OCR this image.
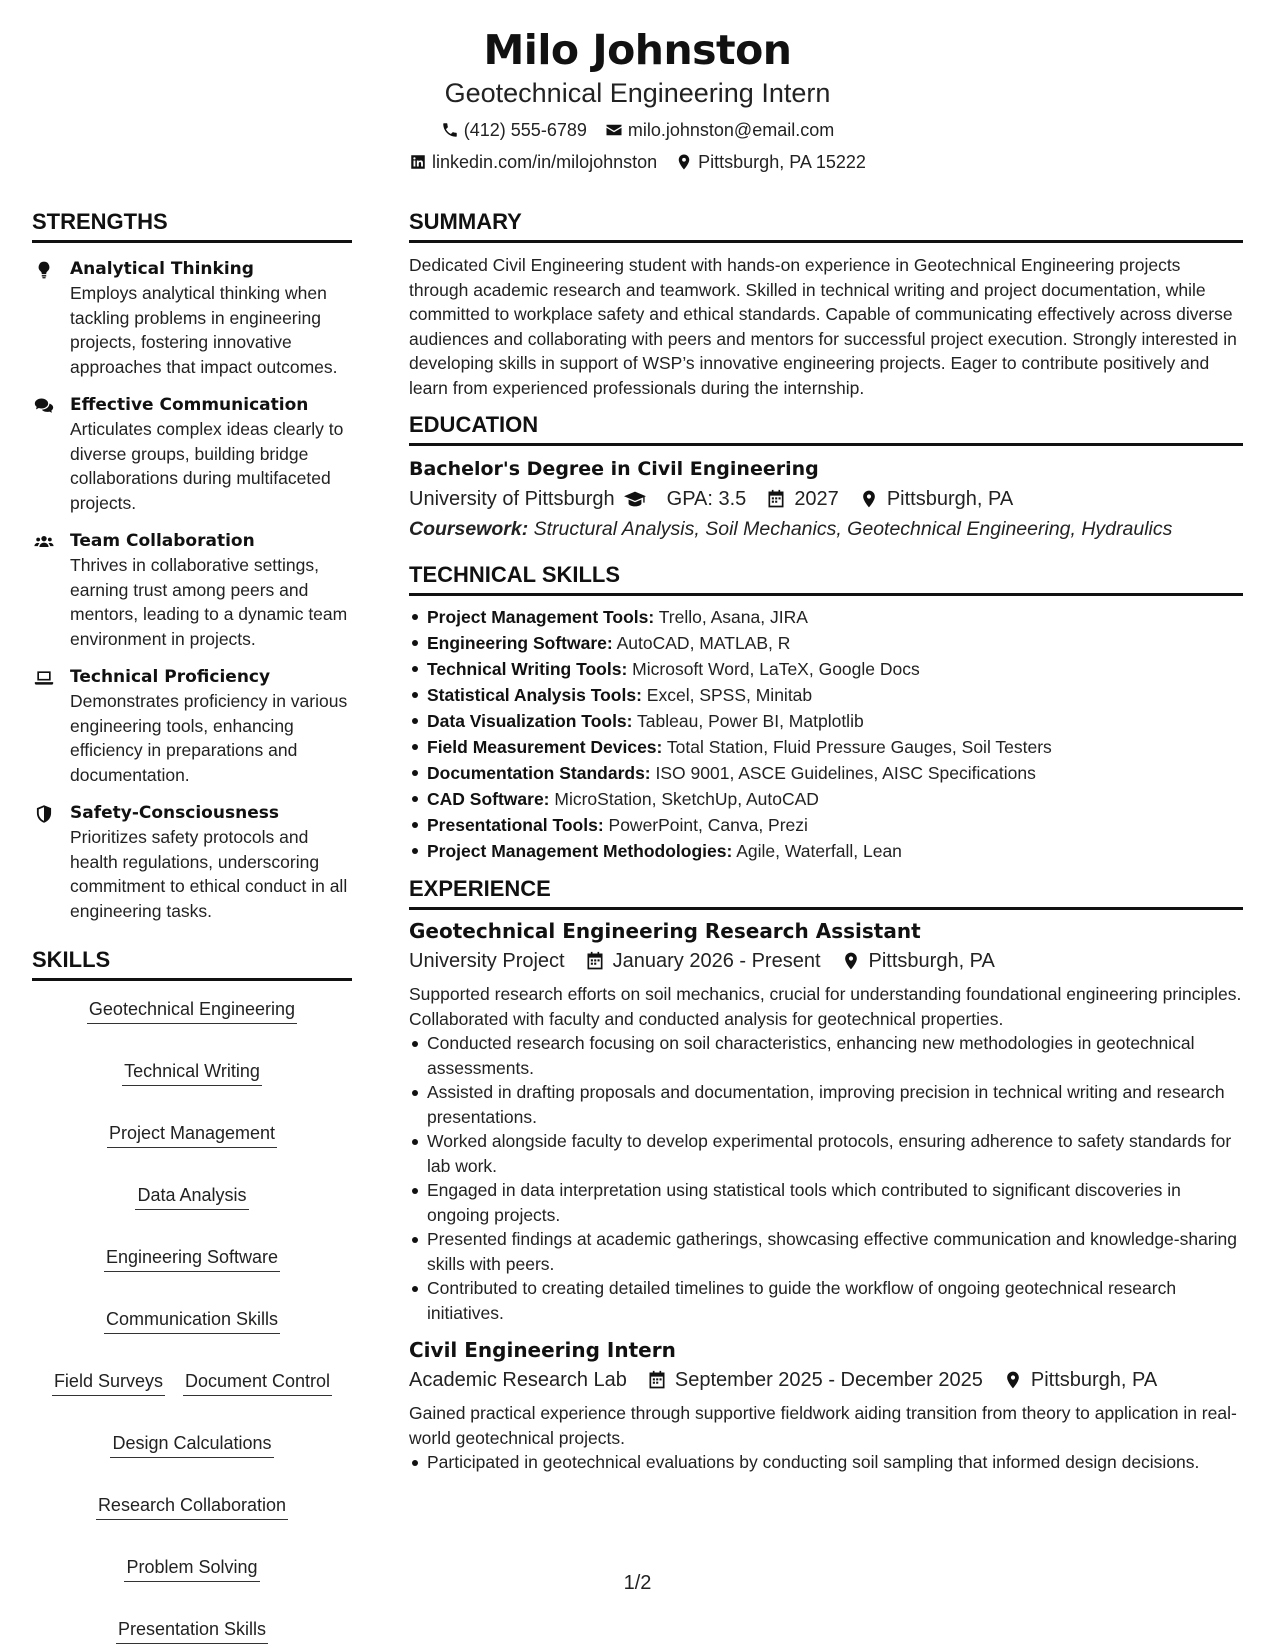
Milo Johnston
Geotechnical Engineering Intern
(412) 555-6789 milo.johnston@email.com
linkedin.com/in/milojohnston Pittsburgh, PA 15222
STRENGTHS
Analytical Thinking
Employs analytical thinking when tackling problems in engineering projects, fostering innovative approaches that impact outcomes.
Effective Communication
Articulates complex ideas clearly to diverse groups, building bridge collaborations during multifaceted projects.
Team Collaboration
Thrives in collaborative settings, earning trust among peers and mentors, leading to a dynamic team environment in projects.
Technical Proficiency
Demonstrates proficiency in various engineering tools, enhancing efficiency in preparations and documentation.
Safety-Consciousness
Prioritizes safety protocols and health regulations, underscoring commitment to ethical conduct in all engineering tasks.
SKILLS
Geotechnical Engineering
Technical Writing
Project Management
Data Analysis
Engineering Software
Communication Skills
Field Surveys Document Control
Design Calculations
Research Collaboration
Problem Solving
Presentation Skills
SUMMARY
Dedicated Civil Engineering student with hands-on experience in Geotechnical Engineering projects through academic research and teamwork. Skilled in technical writing and project documentation, while committed to workplace safety and ethical standards. Capable of communicating effectively across diverse audiences and collaborating with peers and mentors for successful project execution. Strongly interested in developing skills in support of WSP’s innovative engineering projects. Eager to contribute positively and learn from experienced professionals during the internship.
EDUCATION
Bachelor's Degree in Civil Engineering
University of Pittsburgh	GPA: 3.5 2027 Pittsburgh, PA
Coursework: Structural Analysis, Soil Mechanics, Geotechnical Engineering, Hydraulics
TECHNICAL SKILLS
Project Management Tools: Trello, Asana, JIRA
Engineering Software: AutoCAD, MATLAB, R
Technical Writing Tools: Microsoft Word, LaTeX, Google Docs
Statistical Analysis Tools: Excel, SPSS, Minitab
Data Visualization Tools: Tableau, Power BI, Matplotlib
Field Measurement Devices: Total Station, Fluid Pressure Gauges, Soil Testers
Documentation Standards: ISO 9001, ASCE Guidelines, AISC Specifications
CAD Software: MicroStation, SketchUp, AutoCAD
Presentational Tools: PowerPoint, Canva, Prezi
Project Management Methodologies: Agile, Waterfall, Lean
EXPERIENCE
Geotechnical Engineering Research Assistant
University Project January 2026 - Present Pittsburgh, PA
Supported research efforts on soil mechanics, crucial for understanding foundational engineering principles. Collaborated with faculty and conducted analysis for geotechnical properties.
Conducted research focusing on soil characteristics, enhancing new methodologies in geotechnical assessments.
Assisted in drafting proposals and documentation, improving precision in technical writing and research presentations.
Worked alongside faculty to develop experimental protocols, ensuring adherence to safety standards for lab work.
Engaged in data interpretation using statistical tools which contributed to significant discoveries in ongoing projects.
Presented findings at academic gatherings, showcasing effective communication and knowledge-sharing skills with peers.
Contributed to creating detailed timelines to guide the workflow of ongoing geotechnical research initiatives.
Civil Engineering Intern
Academic Research Lab September 2025 - December 2025 Pittsburgh, PA
Gained practical experience through supportive fieldwork aiding transition from theory to application in real-world geotechnical projects.
Participated in geotechnical evaluations by conducting soil sampling that informed design decisions.
1/2
